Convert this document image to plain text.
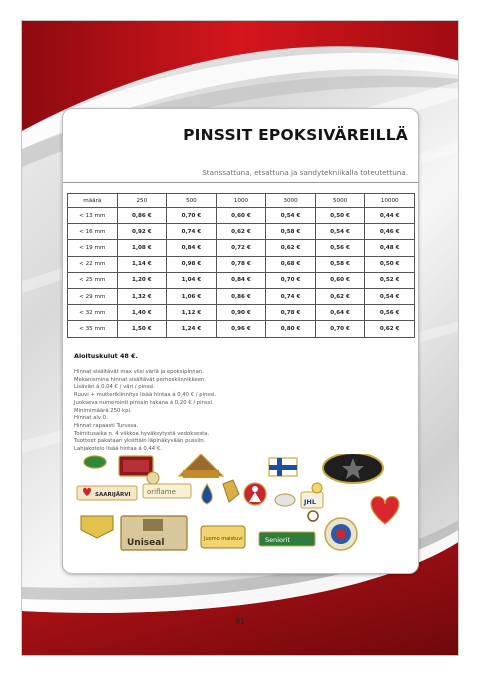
PINSSIT EPOKSIVÄREILLÄ
Stanssattuna, etsattuna ja sandytekniikalla toteutettuna.
määrä	250	500	1000	3000	5000	10000
< 13 mm	0,86 €	0,70 €	0,60 €	0,54 €	0,50 €	0,44 €
< 16 mm	0,92 €	0,74 €	0,62 €	0,58 €	0,54 €	0,46 €
< 19 mm	1,08 €	0,84 €	0,72 €	0,62 €	0,56 €	0,48 €
< 22 mm	1,14 €	0,98 €	0,78 €	0,68 €	0,58 €	0,50 €
< 25 mm	1,20 €	1,04 €	0,84 €	0,70 €	0,60 €	0,52 €
< 29 mm	1,32 €	1,06 €	0,86 €	0,74 €	0,62 €	0,54 €
< 32 mm	1,40 €	1,12 €	0,90 €	0,78 €	0,64 €	0,56 €
< 35 mm	1,50 €	1,24 €	0,96 €	0,80 €	0,70 €	0,62 €
Aloituskulut 48 €.
Hinnat sisältävät max viisi väriä ja epoksipinnan.
Mekanismina hinnat sisältävät perhoskiinnikkeen.
Lisäväri á 0,04 € / väri / pinssi.
Ruuvi + mutterikiinnitys lisää hintaa á 0,40 € / pinssi.
Juokseva numerointi pinssin takana á 0,20 € / pinssi.
Minimimäärä 250 kpl.
Hinnat alv 0.
Hinnat rapaasti Turussa.
Toimitusaika n. 4 viikkoa hyväksytystä vedoksesta.
Tuotteet pakataan yksittäin läpinäkyvään pussiin.
Lahjakotelo lisää hintaa á 0,44 €.
SAARIJÄRVI oriflame
JHL
Uniseal	Juomo maistuvi	Seniorit
91
